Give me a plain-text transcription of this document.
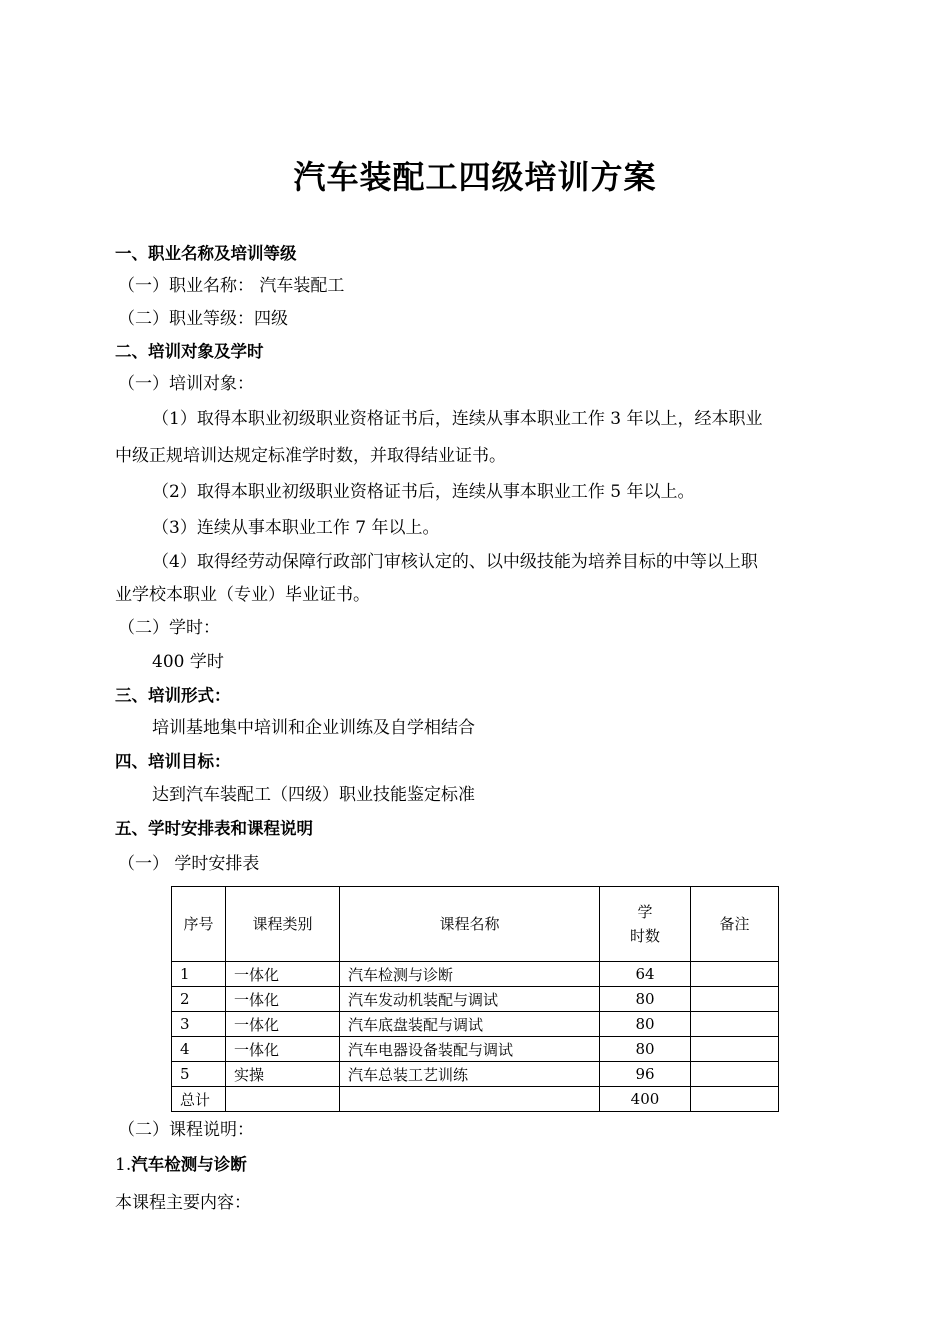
汽车装配工四级培训方案
一、职业名称及培训等级
（一）职业名称： 汽车装配工
（二）职业等级：四级
二、培训对象及学时
（一）培训对象：
（1）取得本职业初级职业资格证书后，连续从事本职业工作 3 年以上，经本职业
中级正规培训达规定标准学时数，并取得结业证书。
（2）取得本职业初级职业资格证书后，连续从事本职业工作 5 年以上。
（3）连续从事本职业工作 7 年以上。
（4）取得经劳动保障行政部门审核认定的、以中级技能为培养目标的中等以上职
业学校本职业（专业）毕业证书。
（二）学时：
400 学时
三、培训形式：
培训基地集中培训和企业训练及自学相结合
四、培训目标：
达到汽车装配工（四级）职业技能鉴定标准
五、学时安排表和课程说明
（一） 学时安排表
序号	课程类别	课程名称	学
时数	备注
1	一体化	汽车检测与诊断	64	
2	一体化	汽车发动机装配与调试	80	
3	一体化	汽车底盘装配与调试	80	
4	一体化	汽车电器设备装配与调试	80	
5	实操	汽车总装工艺训练	96	
总计			400	
（二）课程说明：
1.汽车检测与诊断
本课程主要内容：
